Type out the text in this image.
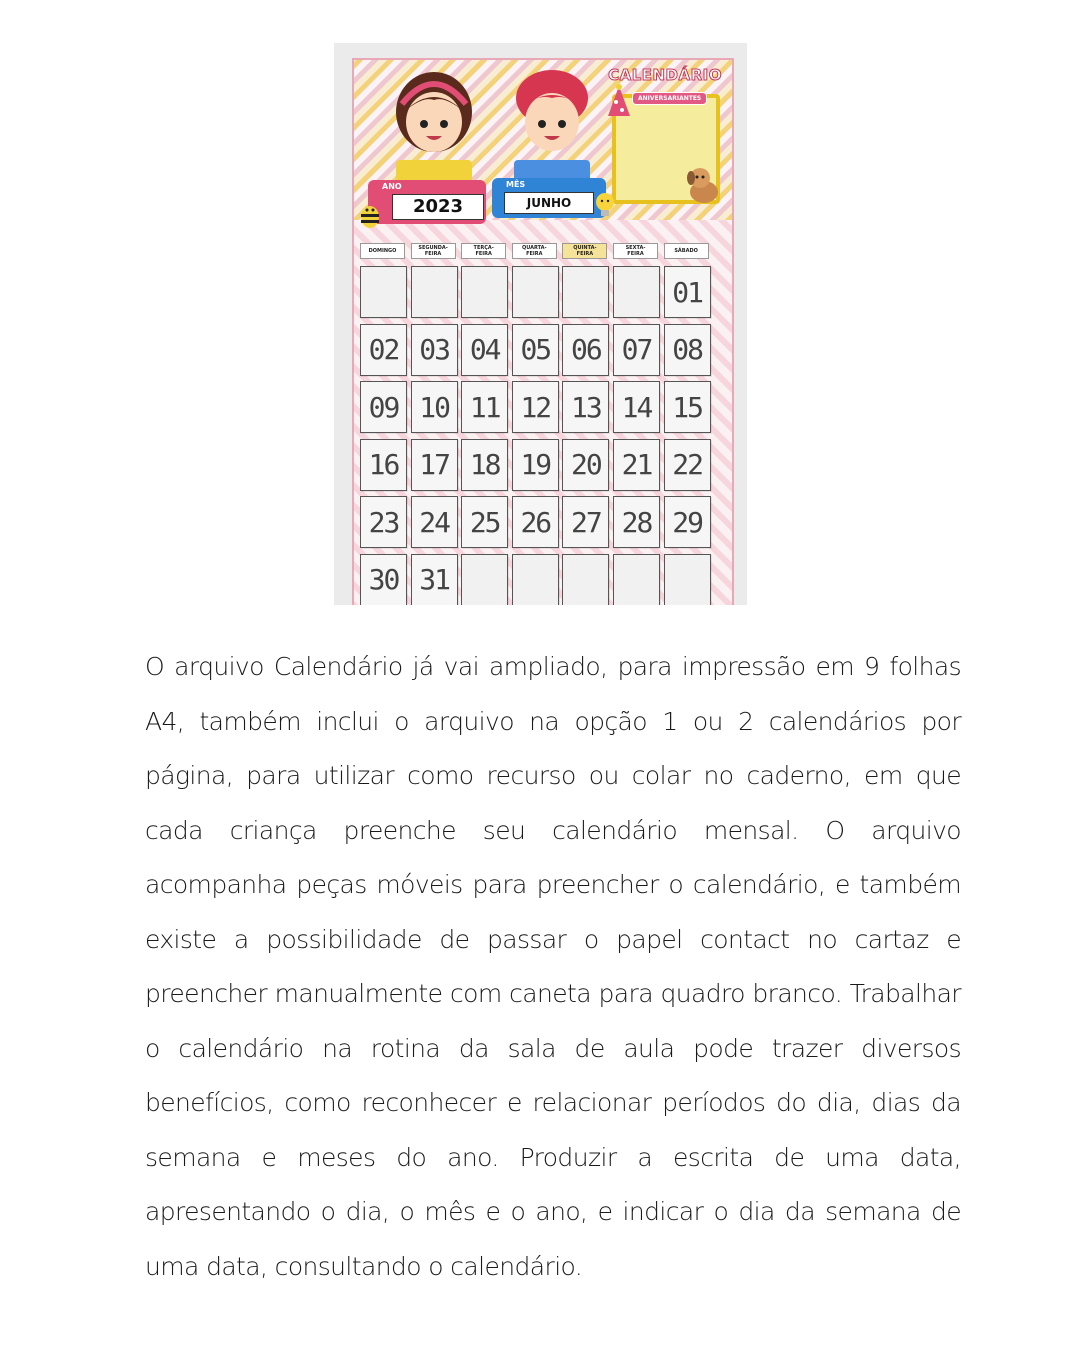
CALENDÁRIO
ANIVERSARIANTES
ANO
2023
MÊS
JUNHO
DOMINGO	SEGUNDA-
FEIRA
TERÇA-
FEIRA
QUARTA-
FEIRA
QUINTA-
FEIRA
SEXTA-
FEIRA	SÁBADO
01
02 03 04 05 06 07 08
09 10 11 12 13 14 15
16 17 18 19 20 21 22
23 24 25 26 27 28 29
30 31

O arquivo Calendário já vai ampliado, para impressão em 9 folhas A4, também inclui o arquivo na opção 1 ou 2 calendários por página, para utilizar como recurso ou colar no caderno, em que cada criança preenche seu calendário mensal. O arquivo acompanha peças móveis para preencher o calendário, e também existe a possibilidade de passar o papel contact no cartaz e preencher manualmente com caneta para quadro branco. Trabalhar o calendário na rotina da sala de aula pode trazer diversos benefícios, como reconhecer e relacionar períodos do dia, dias da semana e meses do ano. Produzir a escrita de uma data, apresentando o dia, o mês e o ano, e indicar o dia da semana de uma data, consultando o calendário.
